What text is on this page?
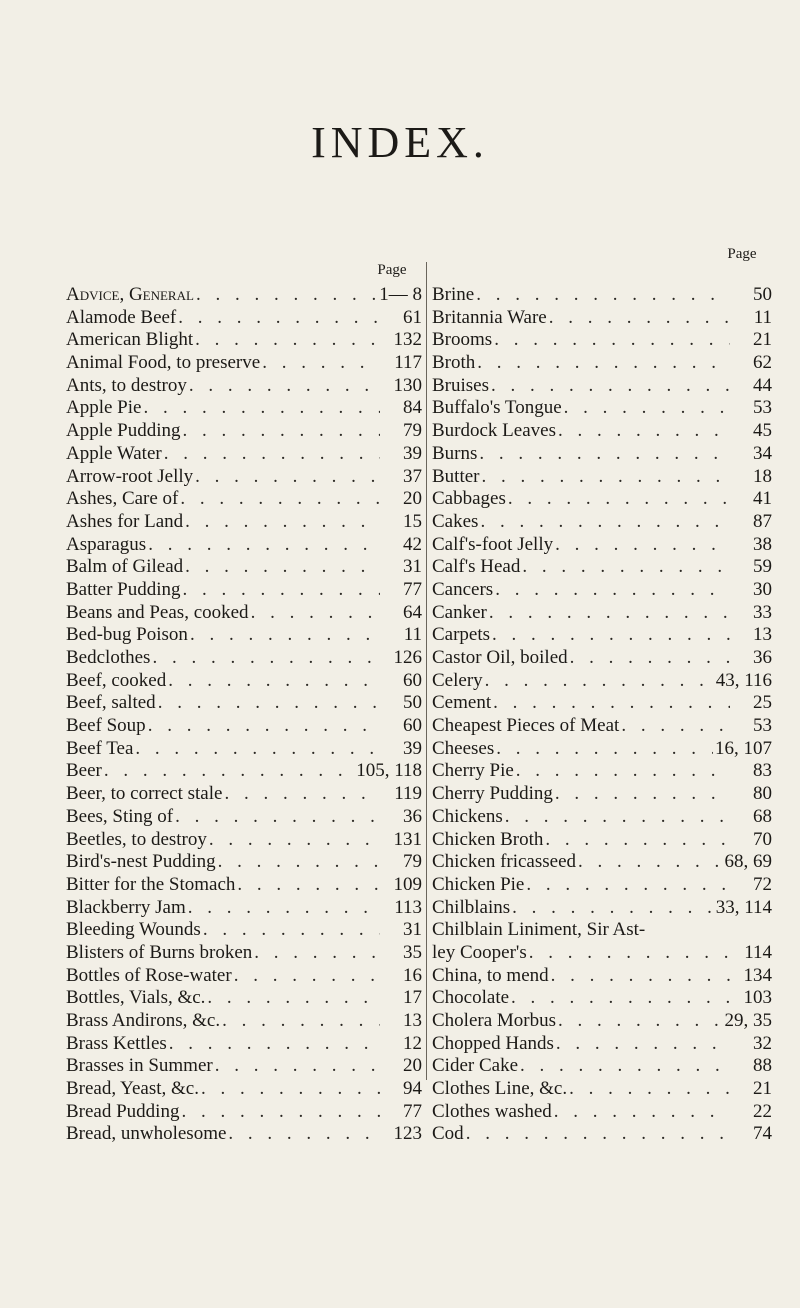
INDEX.
Page
Advice, General . . .	1— 8
Alamode Beef . . .	61
American Blight . . .	132
Animal Food, to preserve . . .	117
Ants, to destroy . . .	130
Apple Pie . . .	84
Apple Pudding . . .	79
Apple Water . . .	39
Arrow-root Jelly . . .	37
Ashes, Care of . . .	20
Ashes for Land . . .	15
Asparagus . . .	42
Balm of Gilead . . .	31
Batter Pudding . . .	77
Beans and Peas, cooked . . .	64
Bed-bug Poison . . .	11
Bedclothes . . .	126
Beef, cooked . . .	60
Beef, salted . . .	50
Beef Soup . . .	60
Beef Tea . . .	39
Beer . . .	105, 118
Beer, to correct stale . . .	119
Bees, Sting of . . .	36
Beetles, to destroy . . .	131
Bird's-nest Pudding . . .	79
Bitter for the Stomach . . .	109
Blackberry Jam . . .	113
Bleeding Wounds . . .	31
Blisters of Burns broken . . .	35
Bottles of Rose-water . . .	16
Bottles, Vials, &c. . . .	17
Brass Andirons, &c. . . .	13
Brass Kettles . . .	12
Brasses in Summer . . .	20
Bread, Yeast, &c. . . .	94
Bread Pudding . . .	77
Bread, unwholesome . . .	123
Page
Brine . . .	50
Britannia Ware . . .	11
Brooms . . .	21
Broth . . .	62
Bruises . . .	44
Buffalo's Tongue . . .	53
Burdock Leaves . . .	45
Burns . . .	34
Butter . . .	18
Cabbages . . .	41
Cakes . . .	87
Calf's-foot Jelly . . .	38
Calf's Head . . .	59
Cancers . . .	30
Canker . . .	33
Carpets . . .	13
Castor Oil, boiled . . .	36
Celery . . .	43, 116
Cement . . .	25
Cheapest Pieces of Meat . . .	53
Cheeses . . .	16, 107
Cherry Pie . . .	83
Cherry Pudding . . .	80
Chickens . . .	68
Chicken Broth . . .	70
Chicken fricasseed . . .	68, 69
Chicken Pie . . .	72
Chilblains . . .	33, 114
Chilblain Liniment, Sir Ast-
ley Cooper's . . .	114
China, to mend . . .	134
Chocolate . . .	103
Cholera Morbus . . .	29, 35
Chopped Hands . . .	32
Cider Cake . . .	88
Clothes Line, &c. . . .	21
Clothes washed . . .	22
Cod . . .	74
